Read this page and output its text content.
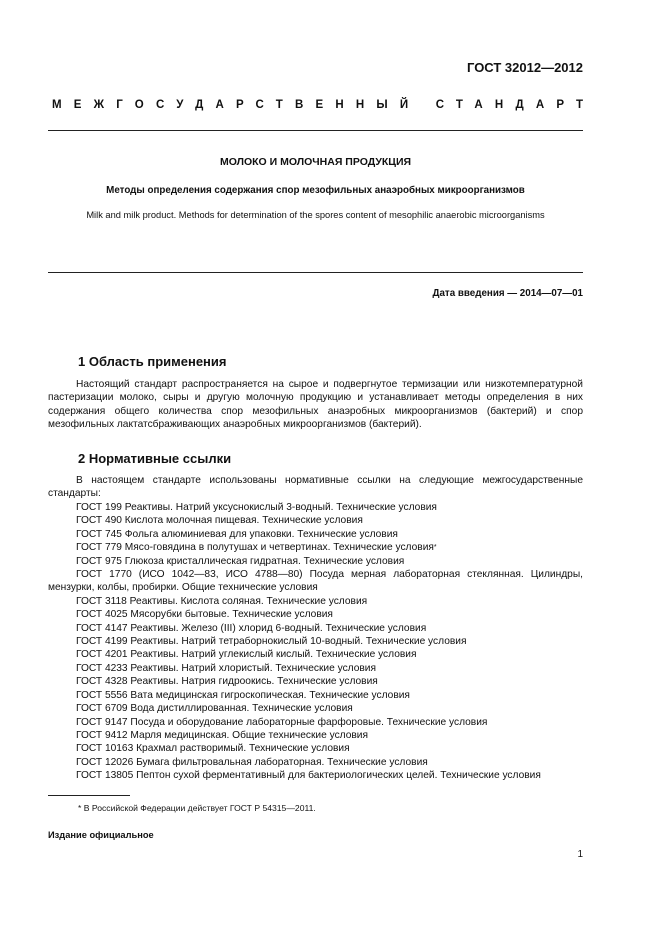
ГОСТ 32012—2012
МЕЖГОСУДАРСТВЕННЫЙ СТАНДАРТ
МОЛОКО И МОЛОЧНАЯ ПРОДУКЦИЯ
Методы определения содержания спор мезофильных анаэробных микроорганизмов
Milk and milk product. Methods for determination of the spores content of mesophilic anaerobic microorganisms
Дата введения — 2014—07—01
1 Область применения
Настоящий стандарт распространяется на сырое и подвергнутое термизации или низкотемпературной пастеризации молоко, сыры и другую молочную продукцию и устанавливает методы определения в них содержания общего количества спор мезофильных анаэробных микроорганизмов (бактерий) и спор мезофильных лактатсбраживающих анаэробных микроорганизмов (бактерий).
2 Нормативные ссылки
В настоящем стандарте использованы нормативные ссылки на следующие межгосударственные стандарты:
ГОСТ 199 Реактивы. Натрий уксуснокислый 3-водный. Технические условия
ГОСТ 490 Кислота молочная пищевая. Технические условия
ГОСТ 745 Фольга алюминиевая для упаковки. Технические условия
ГОСТ 779 Мясо-говядина в полутушах и четвертинах. Технические условия*
ГОСТ 975 Глюкоза кристаллическая гидратная. Технические условия
ГОСТ 1770 (ИСО 1042—83, ИСО 4788—80) Посуда мерная лабораторная стеклянная. Цилиндры, мензурки, колбы, пробирки. Общие технические условия
ГОСТ 3118 Реактивы. Кислота соляная. Технические условия
ГОСТ 4025 Мясорубки бытовые. Технические условия
ГОСТ 4147 Реактивы. Железо (III) хлорид 6-водный. Технические условия
ГОСТ 4199 Реактивы. Натрий тетраборнокислый 10-водный. Технические условия
ГОСТ 4201 Реактивы. Натрий углекислый кислый. Технические условия
ГОСТ 4233 Реактивы. Натрий хлористый. Технические условия
ГОСТ 4328 Реактивы. Натрия гидроокись. Технические условия
ГОСТ 5556 Вата медицинская гигроскопическая. Технические условия
ГОСТ 6709 Вода дистиллированная. Технические условия
ГОСТ 9147 Посуда и оборудование лабораторные фарфоровые. Технические условия
ГОСТ 9412 Марля медицинская. Общие технические условия
ГОСТ 10163 Крахмал растворимый. Технические условия
ГОСТ 12026 Бумага фильтровальная лабораторная. Технические условия
ГОСТ 13805 Пептон сухой ферментативный для бактериологических целей. Технические условия
* В Российской Федерации действует ГОСТ Р 54315—2011.
Издание официальное
1
